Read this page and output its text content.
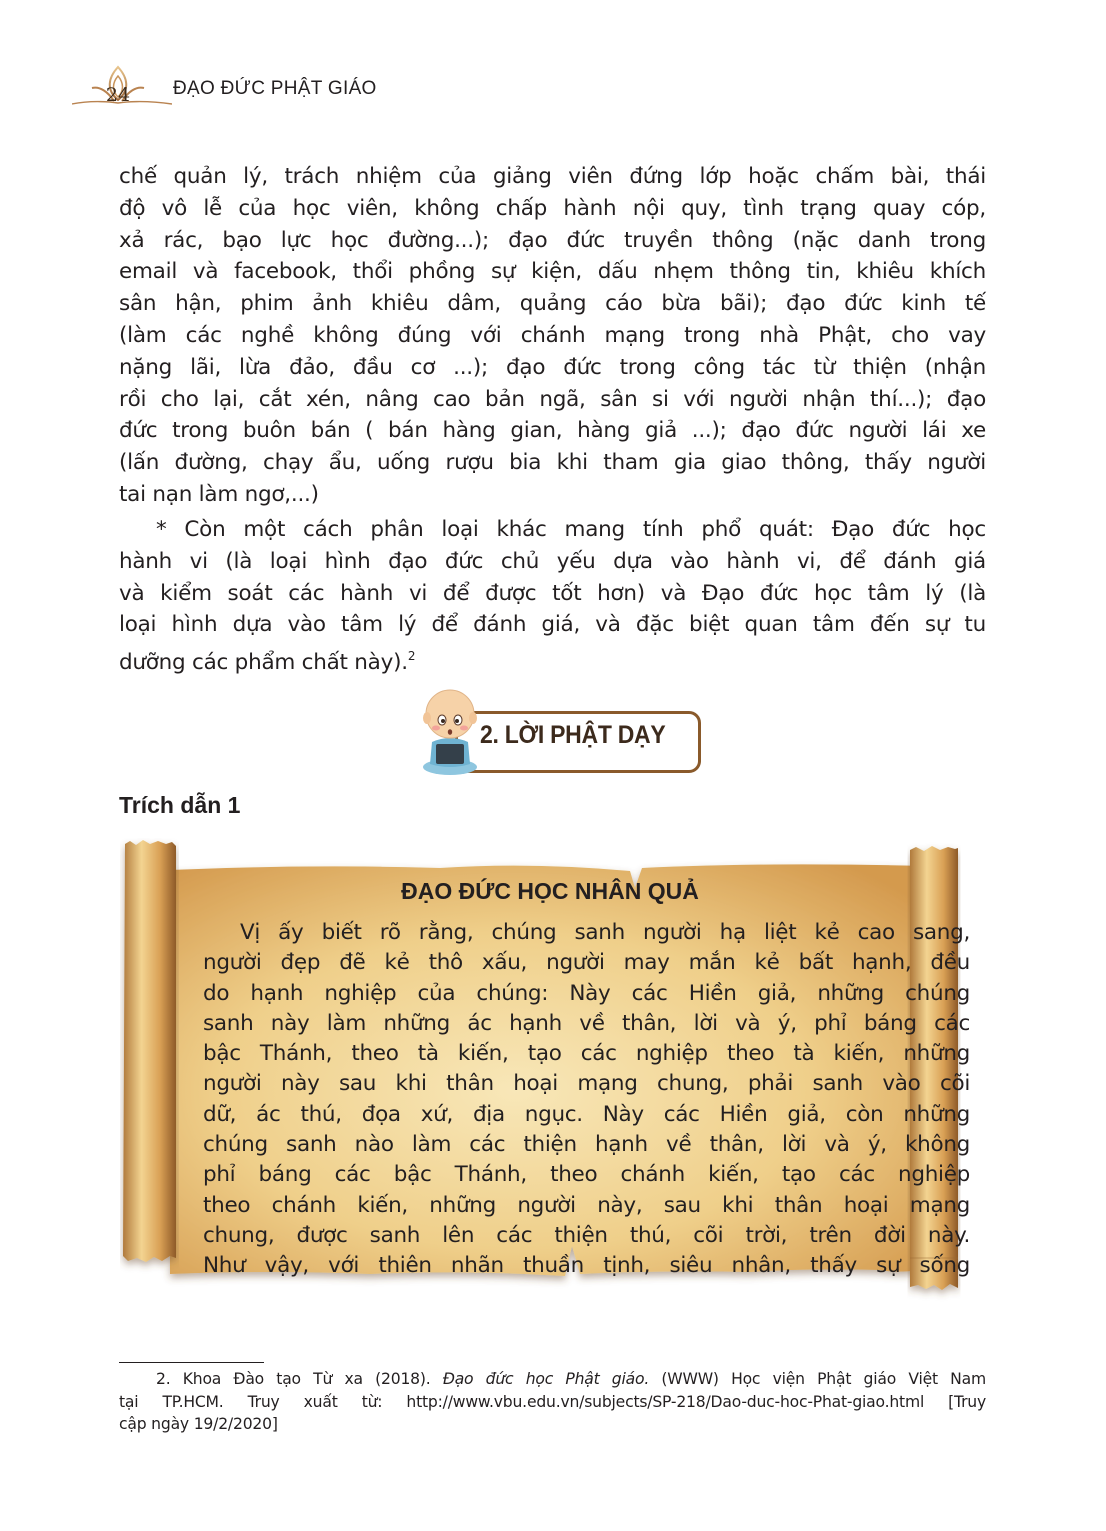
24	ĐẠO ĐỨC PHẬT GIÁO
chế quản lý, trách nhiệm của giảng viên đứng lớp hoặc chấm bài, thái
độ vô lễ của học viên, không chấp hành nội quy, tình trạng quay cóp,
xả rác, bạo lực học đường...); đạo đức truyền thông (nặc danh trong
email và facebook, thổi phồng sự kiện, dấu nhẹm thông tin, khiêu khích
sân hận, phim ảnh khiêu dâm, quảng cáo bừa bãi); đạo đức kinh tế
(làm các nghề không đúng với chánh mạng trong nhà Phật, cho vay
nặng lãi, lừa đảo, đầu cơ ...); đạo đức trong công tác từ thiện (nhận
rồi cho lại, cắt xén, nâng cao bản ngã, sân si với người nhận thí...); đạo
đức trong buôn bán ( bán hàng gian, hàng giả ...); đạo đức người lái xe
(lấn đường, chạy ẩu, uống rượu bia khi tham gia giao thông, thấy người
tai nạn làm ngơ,...)
* Còn một cách phân loại khác mang tính phổ quát: Đạo đức học
hành vi (là loại hình đạo đức chủ yếu dựa vào hành vi, để đánh giá
và kiểm soát các hành vi để được tốt hơn) và Đạo đức học tâm lý (là
loại hình dựa vào tâm lý để đánh giá, và đặc biệt quan tâm đến sự tu
dưỡng các phẩm chất này).$^2$
2. LỜI PHẬT DẠY
Trích dẫn 1
ĐẠO ĐỨC HỌC NHÂN QUẢ
Vị ấy biết rõ rằng, chúng sanh người hạ liệt kẻ cao sang,
người đẹp đẽ kẻ thô xấu, người may mắn kẻ bất hạnh, đều
do hạnh nghiệp của chúng: Này các Hiền giả, những chúng
sanh này làm những ác hạnh về thân, lời và ý, phỉ báng các
bậc Thánh, theo tà kiến, tạo các nghiệp theo tà kiến, những
người này sau khi thân hoại mạng chung, phải sanh vào cõi
dữ, ác thú, đọa xứ, địa ngục. Này các Hiền giả, còn những
chúng sanh nào làm các thiện hạnh về thân, lời và ý, không
phỉ báng các bậc Thánh, theo chánh kiến, tạo các nghiệp
theo chánh kiến, những người này, sau khi thân hoại mạng
chung, được sanh lên các thiện thú, cõi trời, trên đời này.
Như vậy, với thiên nhãn thuần tịnh, siêu nhân, thấy sự sống
2. Khoa Đào tạo Từ xa (2018). Đạo đức học Phật giáo. (WWW) Học viện Phật giáo Việt Nam
tại TP.HCM. Truy xuất từ: http://www.vbu.edu.vn/subjects/SP-218/Dao-duc-hoc-Phat-giao.html [Truy
cập ngày 19/2/2020]
